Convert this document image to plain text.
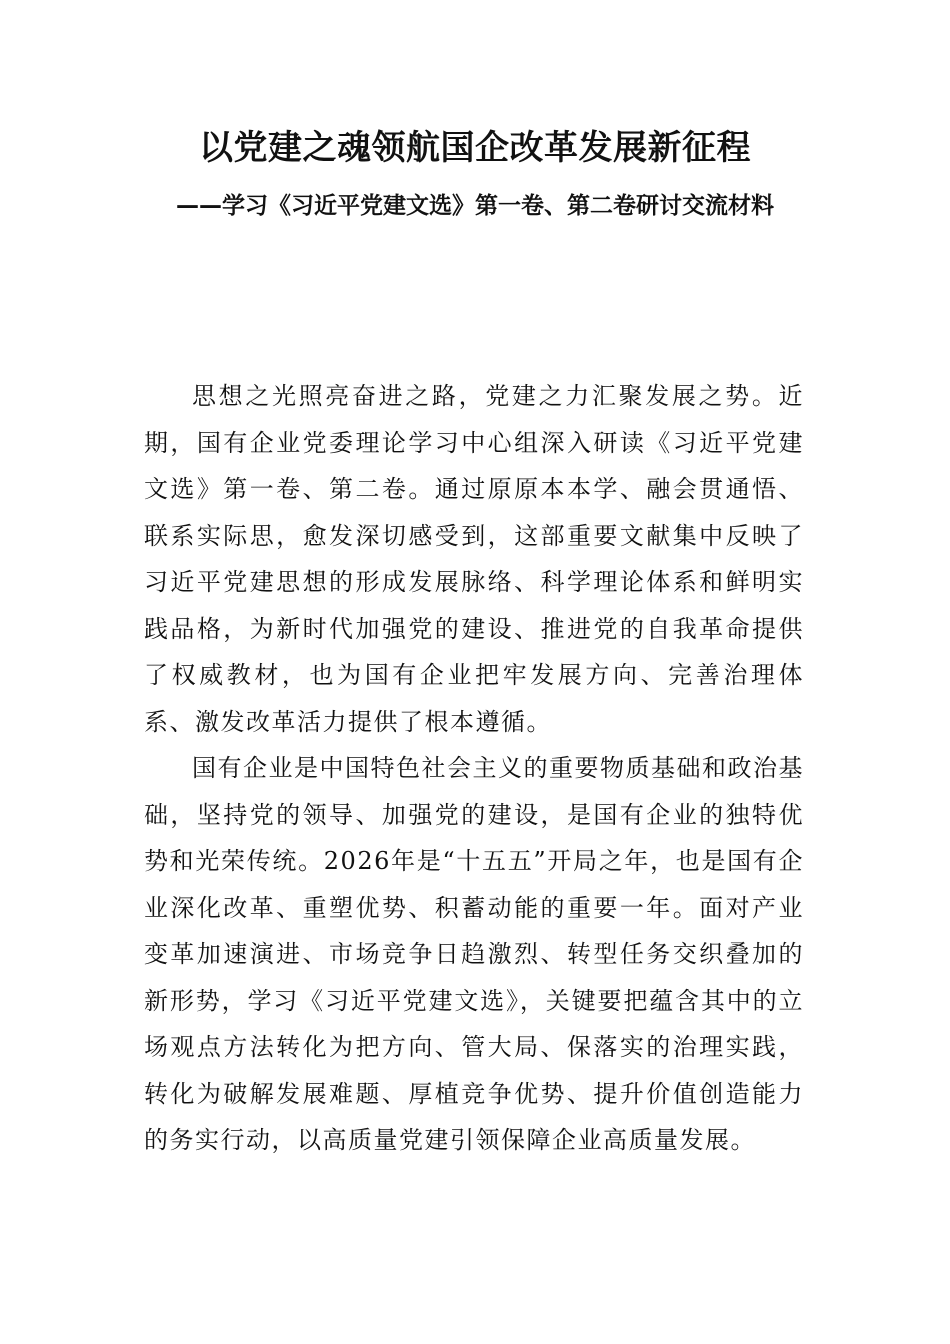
以党建之魂领航国企改革发展新征程
——学习《习近平党建文选》第一卷、第二卷研讨交流材料

思想之光照亮奋进之路，党建之力汇聚发展之势。近期，国有企业党委理论学习中心组深入研读《习近平党建文选》第一卷、第二卷。通过原原本本学、融会贯通悟、联系实际思，愈发深切感受到，这部重要文献集中反映了习近平党建思想的形成发展脉络、科学理论体系和鲜明实践品格，为新时代加强党的建设、推进党的自我革命提供了权威教材，也为国有企业把牢发展方向、完善治理体系、激发改革活力提供了根本遵循。

国有企业是中国特色社会主义的重要物质基础和政治基础，坚持党的领导、加强党的建设，是国有企业的独特优势和光荣传统。2026年是“十五五”开局之年，也是国有企业深化改革、重塑优势、积蓄动能的重要一年。面对产业变革加速演进、市场竞争日趋激烈、转型任务交织叠加的新形势，学习《习近平党建文选》，关键要把蕴含其中的立场观点方法转化为把方向、管大局、保落实的治理实践，转化为破解发展难题、厚植竞争优势、提升价值创造能力的务实行动，以高质量党建引领保障企业高质量发展。
